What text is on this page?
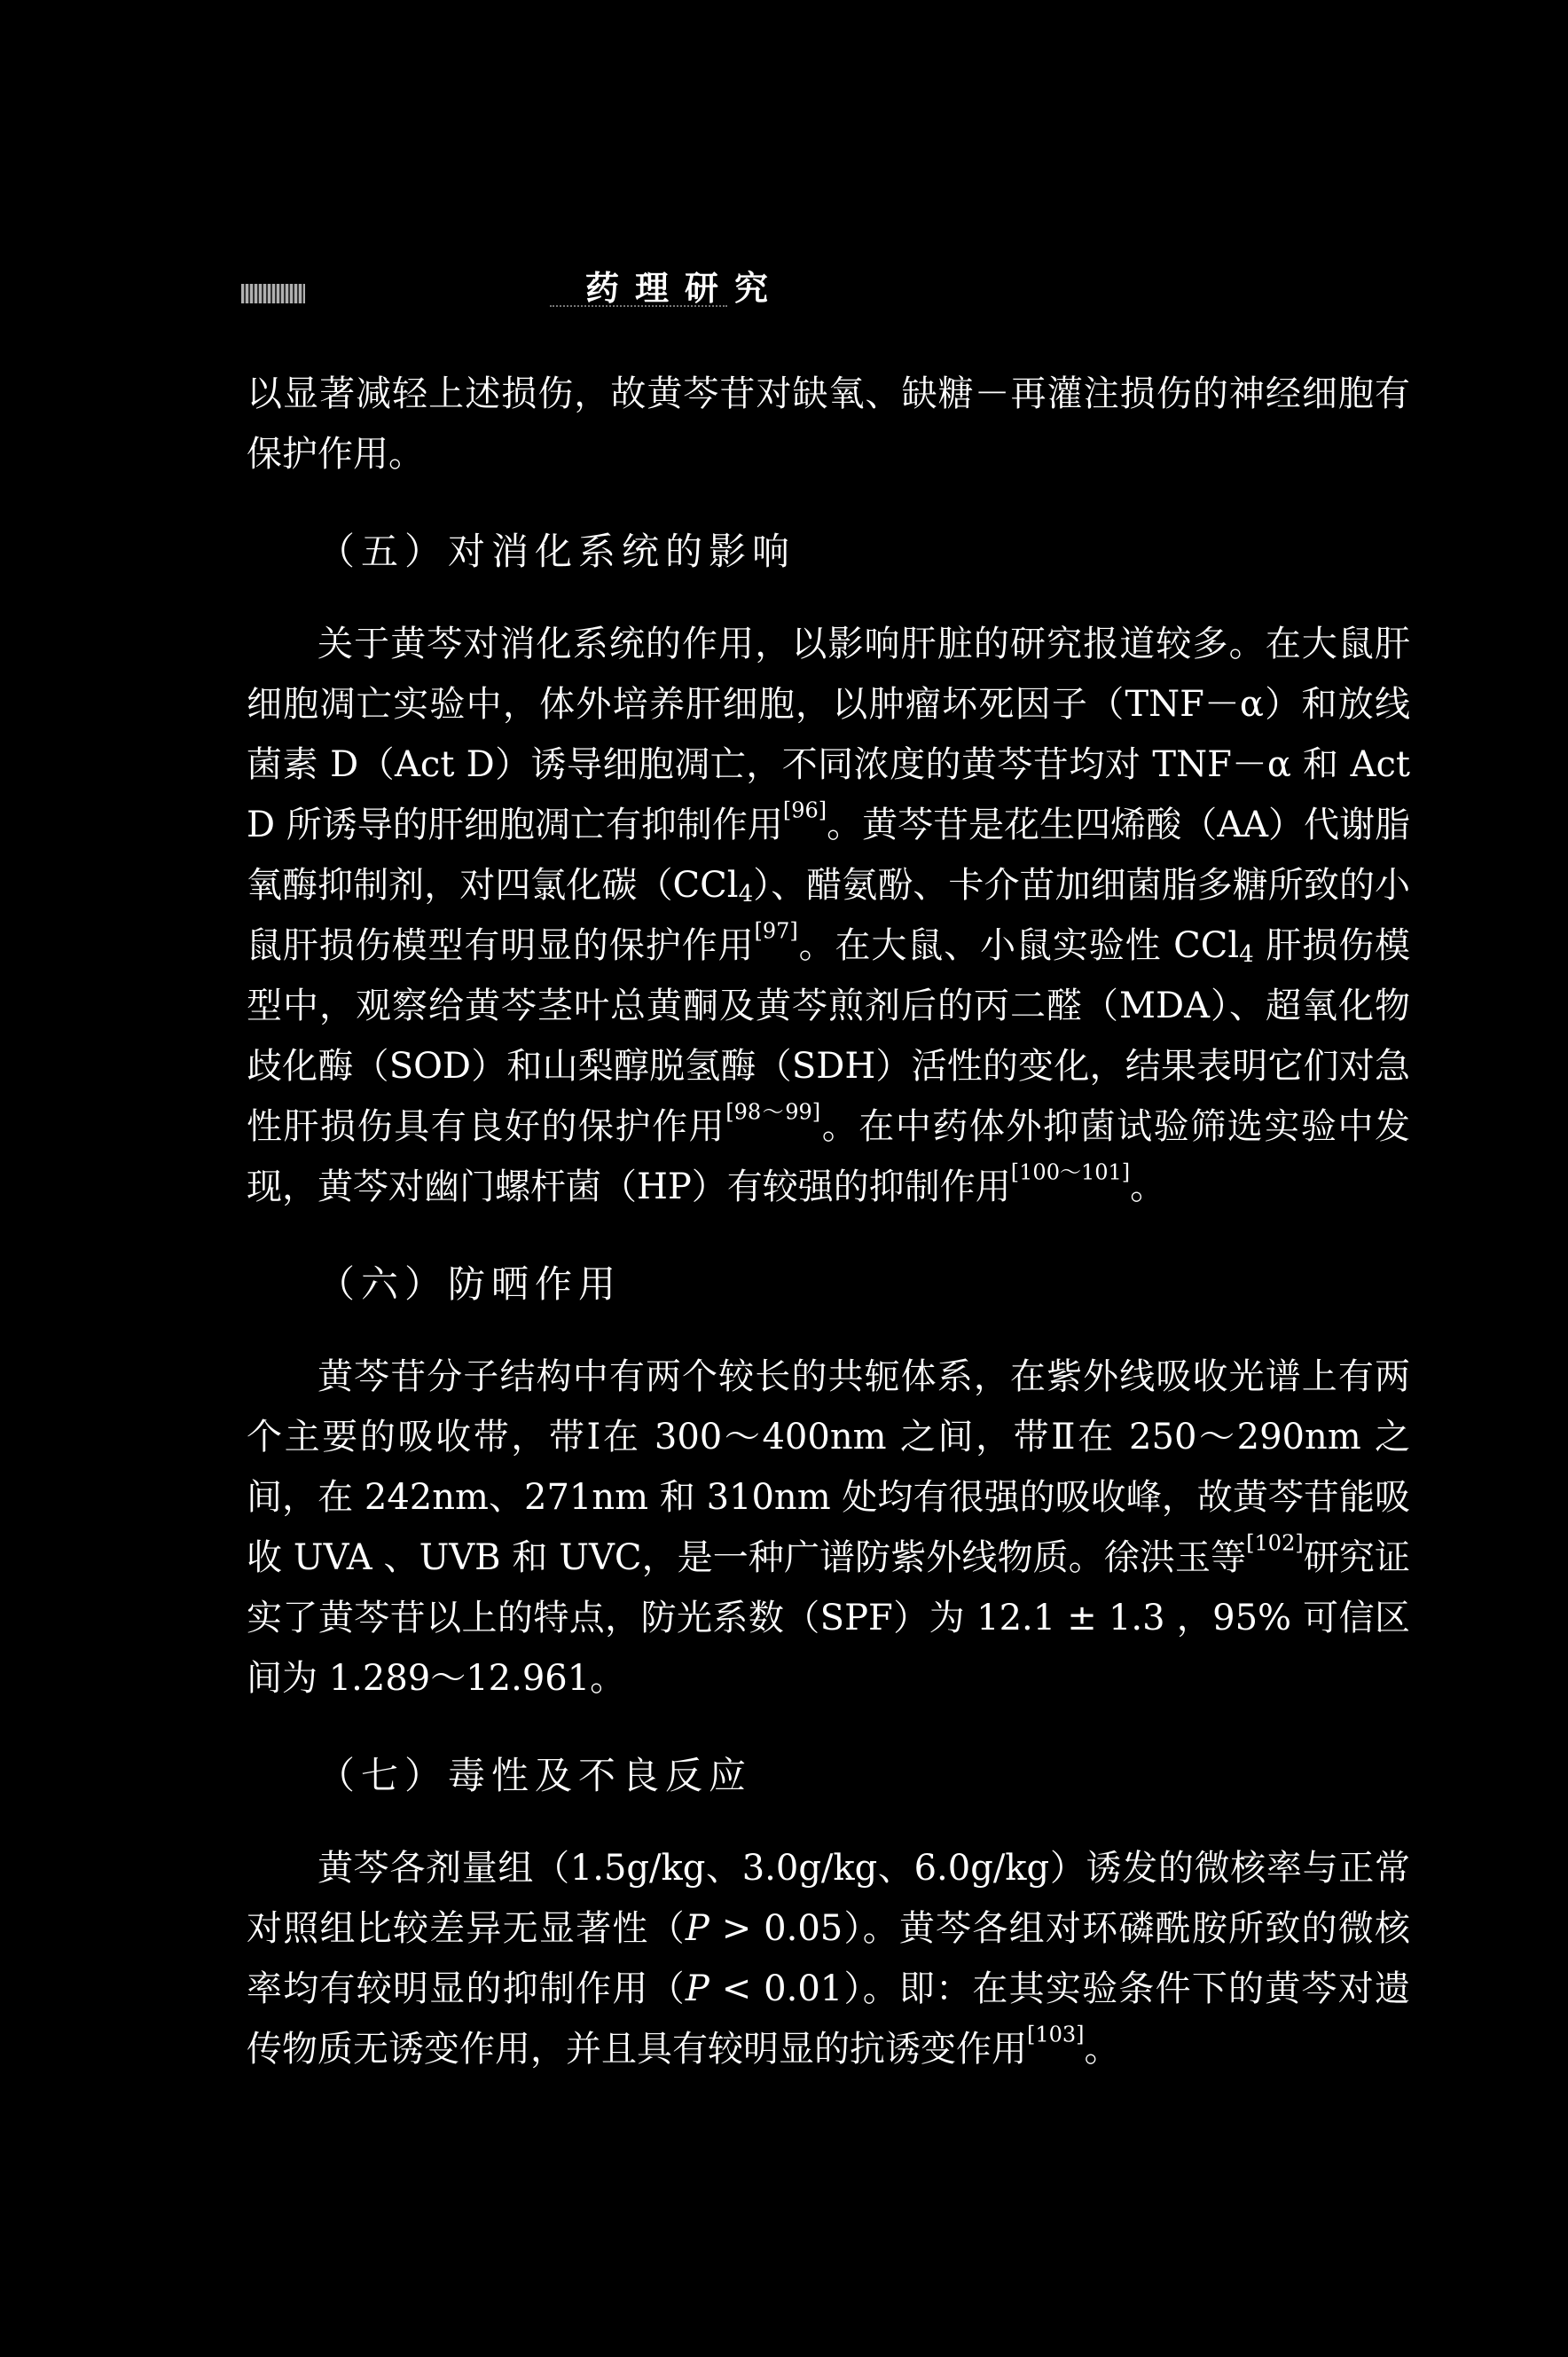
药理研究

以显著减轻上述损伤，故黄芩苷对缺氧、缺糖－再灌注损伤的神经细胞有保护作用。

（五）对消化系统的影响

关于黄芩对消化系统的作用，以影响肝脏的研究报道较多。在大鼠肝细胞凋亡实验中，体外培养肝细胞，以肿瘤坏死因子（TNF－α）和放线菌素 D（Act D）诱导细胞凋亡，不同浓度的黄芩苷均对 TNF－α 和 Act D 所诱导的肝细胞凋亡有抑制作用[96]。黄芩苷是花生四烯酸（AA）代谢脂氧酶抑制剂，对四氯化碳（CCl$_4$）、醋氨酚、卡介苗加细菌脂多糖所致的小鼠肝损伤模型有明显的保护作用[97]。在大鼠、小鼠实验性 CCl$_4$ 肝损伤模型中，观察给黄芩茎叶总黄酮及黄芩煎剂后的丙二醛（MDA）、超氧化物歧化酶（SOD）和山梨醇脱氢酶（SDH）活性的变化，结果表明它们对急性肝损伤具有良好的保护作用[98～99]。在中药体外抑菌试验筛选实验中发现，黄芩对幽门螺杆菌（HP）有较强的抑制作用[100～101]。

（六）防晒作用

黄芩苷分子结构中有两个较长的共轭体系，在紫外线吸收光谱上有两个主要的吸收带，带Ⅰ在 300～400nm 之间，带Ⅱ在 250～290nm 之间，在 242nm、271nm 和 310nm 处均有很强的吸收峰，故黄芩苷能吸收 UVA 、UVB 和 UVC，是一种广谱防紫外线物质。徐洪玉等[102]研究证实了黄芩苷以上的特点，防光系数（SPF）为 12.1 ± 1.3 ，95% 可信区间为 1.289～12.961。

（七）毒性及不良反应

黄芩各剂量组（1.5g/kg、3.0g/kg、6.0g/kg）诱发的微核率与正常对照组比较差异无显著性（P > 0.05）。黄芩各组对环磷酰胺所致的微核率均有较明显的抑制作用（P < 0.01）。即：在其实验条件下的黄芩对遗传物质无诱变作用，并且具有较明显的抗诱变作用[103]。
